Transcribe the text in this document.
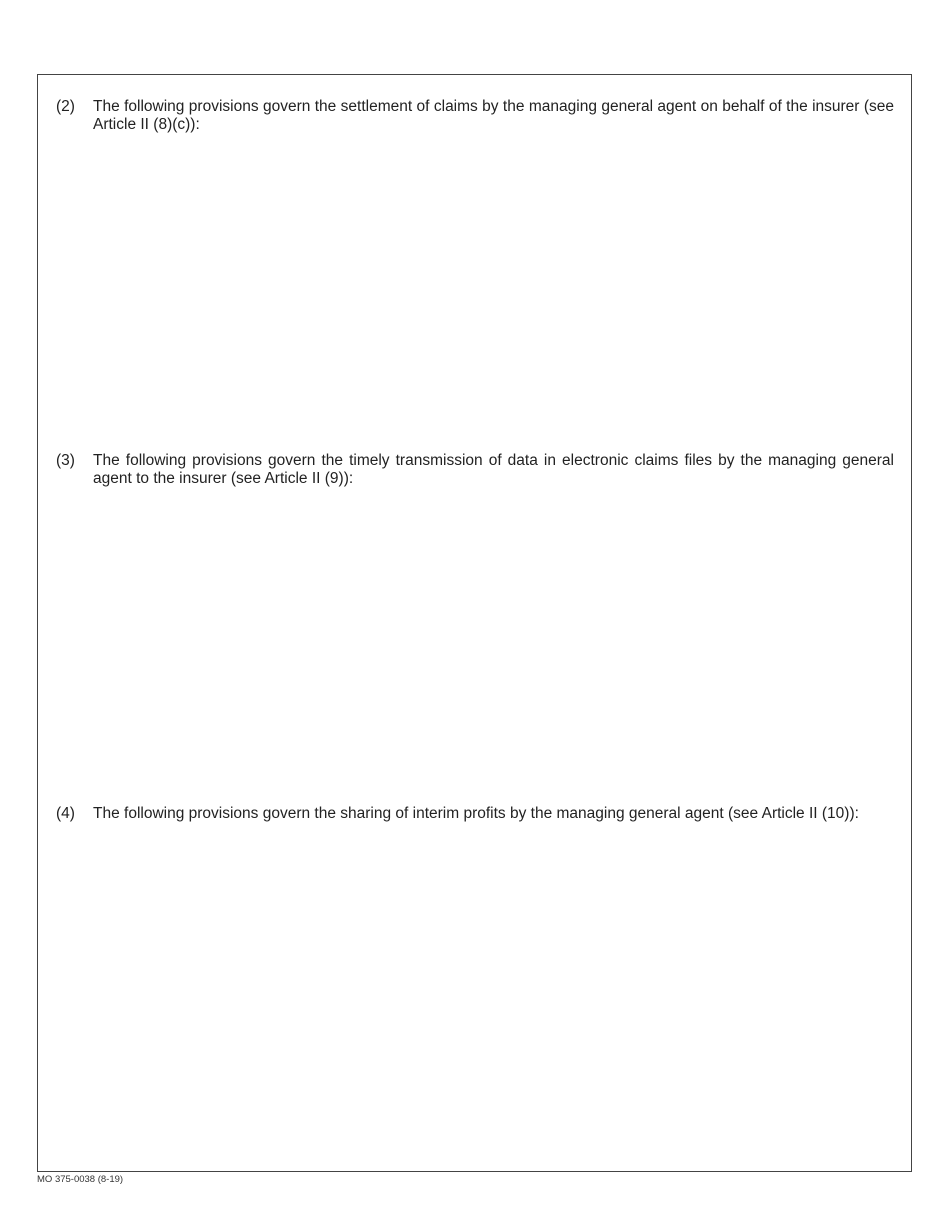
(2) The following provisions govern the settlement of claims by the managing general agent on behalf of the insurer (see Article II (8)(c)):
(3) The following provisions govern the timely transmission of data in electronic claims files by the managing general agent to the insurer (see Article II (9)):
(4) The following provisions govern the sharing of interim profits by the managing general agent (see Article II (10)):
MO 375-0038 (8-19)
